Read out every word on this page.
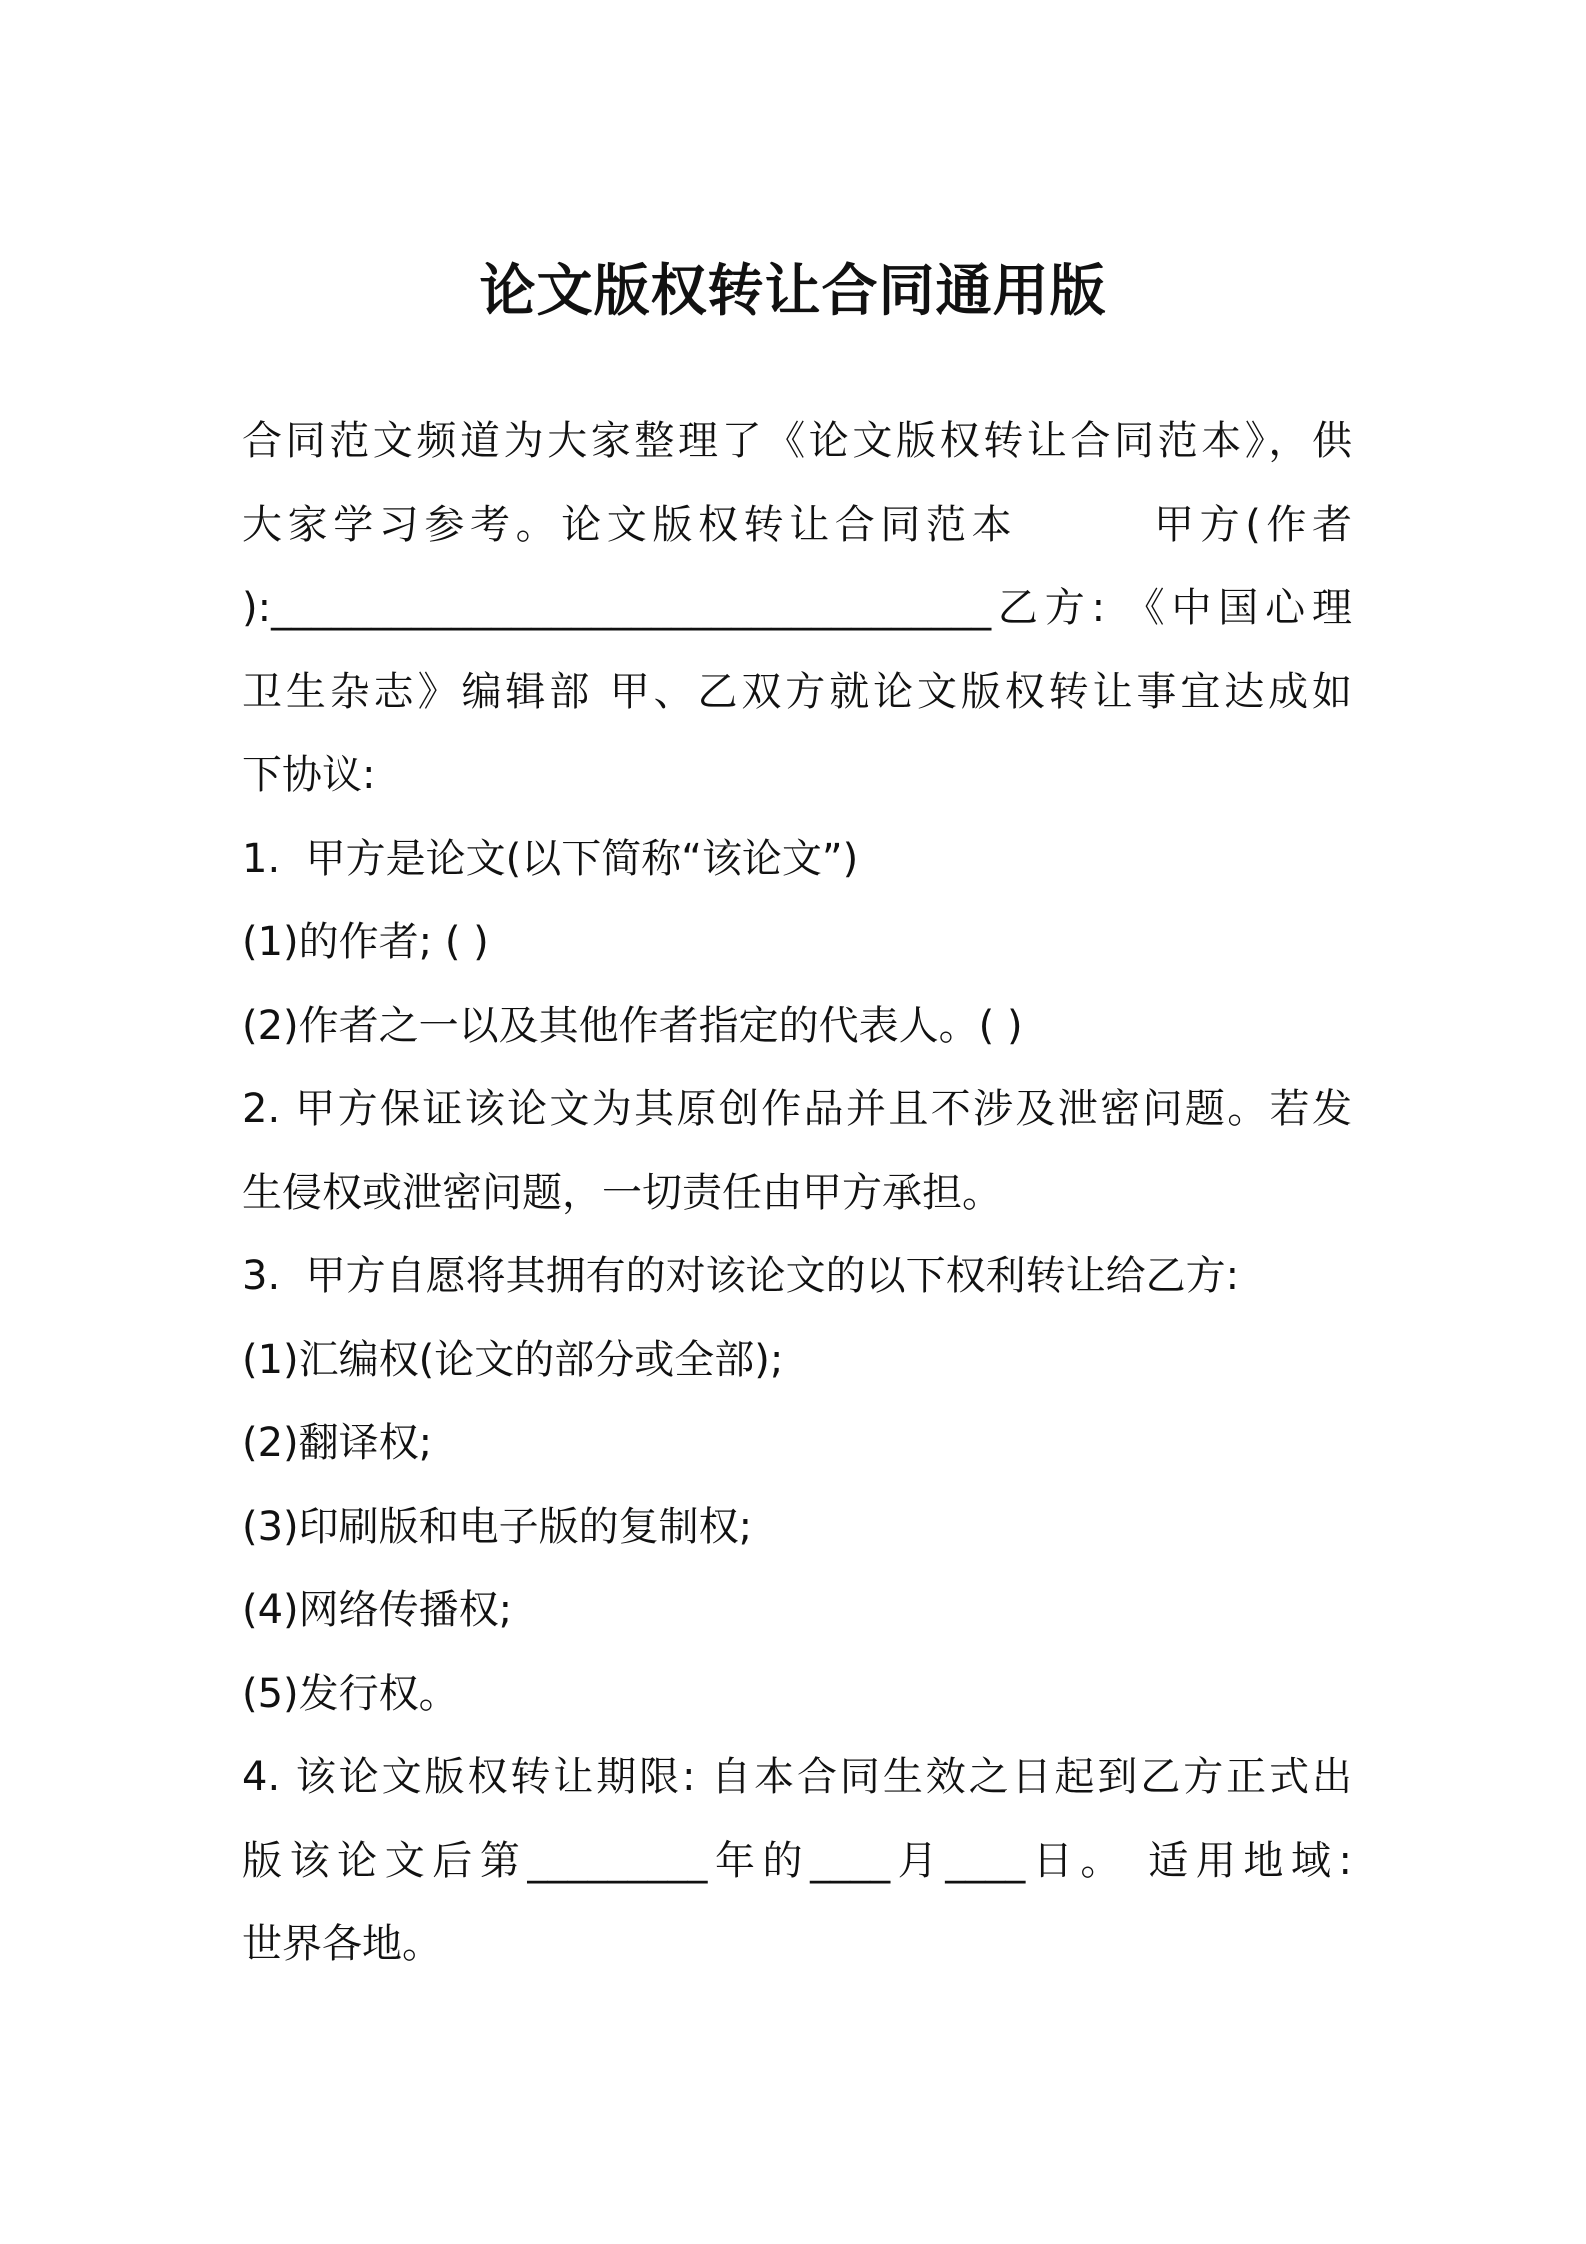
论文版权转让合同通用版
合同范文频道为大家整理了《论文版权转让合同范本》，供
大家学习参考。论文版权转让合同范本　　　甲方(作者
):____________________________________乙方: 《中国心理
卫生杂志》编辑部 甲、乙双方就论文版权转让事宜达成如
下协议:
1.  甲方是论文(以下简称“该论文”)
(1)的作者; ( )
(2)作者之一以及其他作者指定的代表人。( )
2. 甲方保证该论文为其原创作品并且不涉及泄密问题。若发
生侵权或泄密问题，一切责任由甲方承担。
3.  甲方自愿将其拥有的对该论文的以下权利转让给乙方:
(1)汇编权(论文的部分或全部);
(2)翻译权;
(3)印刷版和电子版的复制权;
(4)网络传播权;
(5)发行权。
4. 该论文版权转让期限: 自本合同生效之日起到乙方正式出
版该论文后第_________年的____月____日。 适用地域:
世界各地。
